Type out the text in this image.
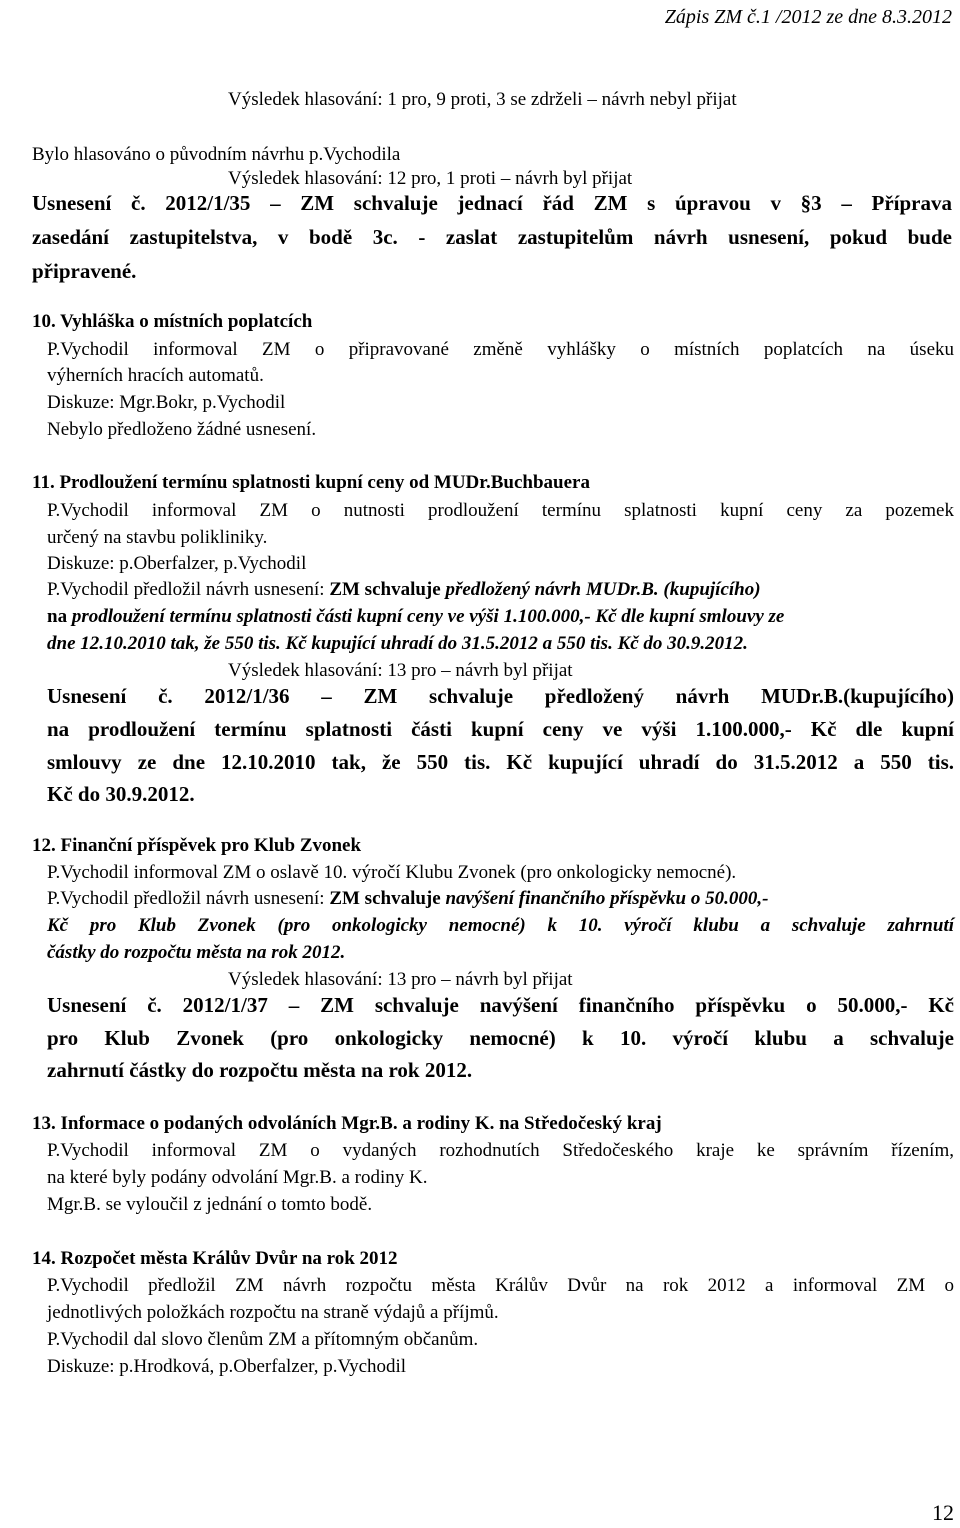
Zápis ZM č.1 /2012 ze dne 8.3.2012
Výsledek hlasování: 1 pro, 9 proti, 3 se zdrželi – návrh nebyl přijat
Bylo hlasováno o původním návrhu p.Vychodila
Výsledek hlasování: 12 pro, 1 proti – návrh byl přijat
Usnesení č. 2012/1/35 – ZM schvaluje jednací řád ZM s úpravou v §3 – Příprava
zasedání zastupitelstva, v bodě 3c. - zaslat zastupitelům návrh usnesení, pokud bude
připravené.
10. Vyhláška o místních poplatcích
P.Vychodil informoval ZM o připravované změně vyhlášky o místních poplatcích na úseku
výherních hracích automatů.
Diskuze: Mgr.Bokr, p.Vychodil
Nebylo předloženo žádné usnesení.
11. Prodloužení termínu splatnosti kupní ceny od MUDr.Buchbauera
P.Vychodil informoval ZM o nutnosti prodloužení termínu splatnosti kupní ceny za pozemek
určený na stavbu polikliniky.
Diskuze: p.Oberfalzer, p.Vychodil
P.Vychodil předložil návrh usnesení: ZM schvaluje předložený návrh MUDr.B. (kupujícího)
na prodloužení termínu splatnosti části kupní ceny ve výši 1.100.000,- Kč dle kupní smlouvy ze
dne 12.10.2010 tak, že 550 tis. Kč kupující uhradí do 31.5.2012 a 550 tis. Kč do 30.9.2012.
Výsledek hlasování: 13 pro – návrh byl přijat
Usnesení č. 2012/1/36 – ZM schvaluje předložený návrh MUDr.B.(kupujícího)
na prodloužení termínu splatnosti části kupní ceny ve výši 1.100.000,- Kč dle kupní
smlouvy ze dne 12.10.2010 tak, že 550 tis. Kč kupující uhradí do 31.5.2012 a 550 tis.
Kč do 30.9.2012.
12. Finanční příspěvek pro Klub Zvonek
P.Vychodil informoval ZM o oslavě 10. výročí Klubu Zvonek (pro onkologicky nemocné).
P.Vychodil předložil návrh usnesení: ZM schvaluje navýšení finančního příspěvku o 50.000,-
Kč pro Klub Zvonek (pro onkologicky nemocné) k 10. výročí klubu a schvaluje zahrnutí
částky do rozpočtu města na rok 2012.
Výsledek hlasování: 13 pro – návrh byl přijat
Usnesení č. 2012/1/37 – ZM schvaluje navýšení finančního příspěvku o 50.000,- Kč
pro Klub Zvonek (pro onkologicky nemocné) k 10. výročí klubu a schvaluje
zahrnutí částky do rozpočtu města na rok 2012.
13. Informace o podaných odvoláních Mgr.B. a rodiny K. na Středočeský kraj
P.Vychodil informoval ZM o vydaných rozhodnutích Středočeského kraje ke správním řízením,
na které byly podány odvolání Mgr.B. a rodiny K.
Mgr.B. se vyloučil z jednání o tomto bodě.
14. Rozpočet města Králův Dvůr na rok 2012
P.Vychodil předložil ZM návrh rozpočtu města Králův Dvůr na rok 2012 a informoval ZM o
jednotlivých položkách rozpočtu na straně výdajů a příjmů.
P.Vychodil dal slovo členům ZM a přítomným občanům.
Diskuze: p.Hrodková, p.Oberfalzer, p.Vychodil
12
